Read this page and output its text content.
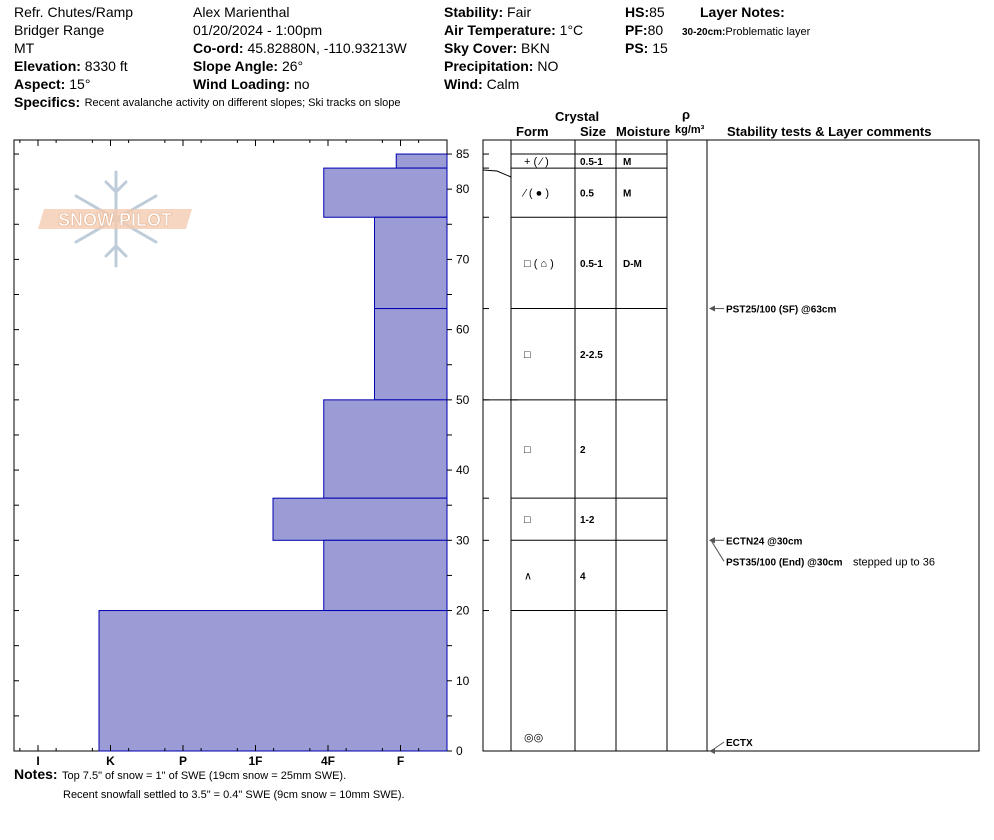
Refr. Chutes/Ramp
Bridger Range
MT
Elevation: 8330 ft
Aspect: 15°
Specifics: Recent avalanche activity on different slopes; Ski tracks on slope
Alex Marienthal
01/20/2024 - 1:00pm
Co-ord: 45.82880N, -110.93213W
Slope Angle: 26°
Wind Loading: no
Stability: Fair
Air Temperature: 1°C
Sky Cover: BKN
Precipitation: NO
Wind: Calm
HS:85
PF:80
PS: 15
Layer Notes:
30-20cm:Problematic layer
Crystal
Form Size Moisture
ρ
kg/m³ Stability tests & Layer comments
SNOW PILOT
0
10
20
30
40
50
60
70
80
85
I	K	P	1F	4F	F
+ ( ⁄ )	0.5-1 M
⁄ ( ● )	0.5	M
□ ( ⌂ )	0.5-1 D-M
□	2-2.5
□	2
□	1-2
∧	4
◎◎
PST25/100 (SF) @63cm
ECTN24 @30cm
PST35/100 (End) @30cm stepped up to 36
ECTX
Notes: Top 7.5" of snow = 1" of SWE (19cm snow = 25mm SWE).
Recent snowfall settled to 3.5" = 0.4" SWE (9cm snow = 10mm SWE).
